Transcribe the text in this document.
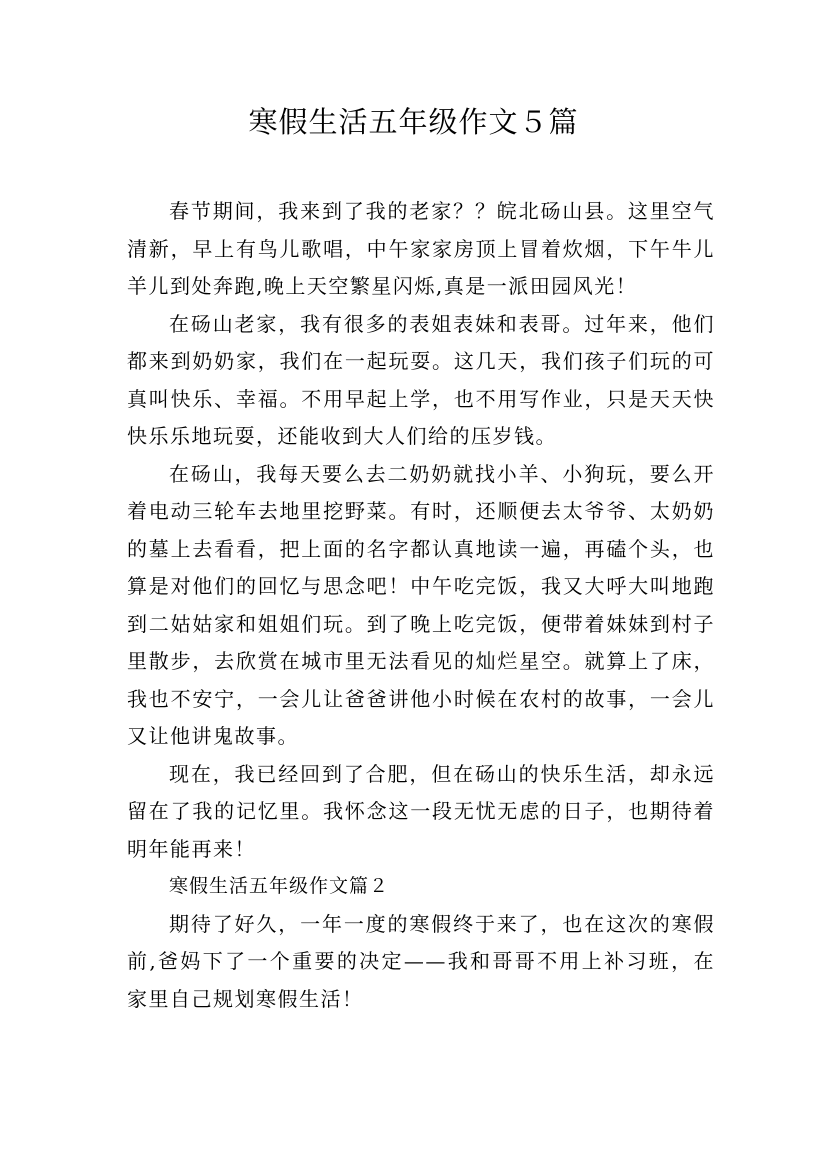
寒假生活五年级作文５篇

春节期间，我来到了我的老家？？皖北砀山县。这里空气清新，早上有鸟儿歌唱，中午家家房顶上冒着炊烟，下午牛儿羊儿到处奔跑,晚上天空繁星闪烁,真是一派田园风光！

在砀山老家，我有很多的表姐表妹和表哥。过年来，他们都来到奶奶家，我们在一起玩耍。这几天，我们孩子们玩的可真叫快乐、幸福。不用早起上学，也不用写作业，只是天天快快乐乐地玩耍，还能收到大人们给的压岁钱。

在砀山，我每天要么去二奶奶就找小羊、小狗玩，要么开着电动三轮车去地里挖野菜。有时，还顺便去太爷爷、太奶奶的墓上去看看，把上面的名字都认真地读一遍，再磕个头，也算是对他们的回忆与思念吧！中午吃完饭，我又大呼大叫地跑到二姑姑家和姐姐们玩。到了晚上吃完饭，便带着妹妹到村子里散步，去欣赏在城市里无法看见的灿烂星空。就算上了床，我也不安宁，一会儿让爸爸讲他小时候在农村的故事，一会儿又让他讲鬼故事。

现在，我已经回到了合肥，但在砀山的快乐生活，却永远留在了我的记忆里。我怀念这一段无忧无虑的日子，也期待着明年能再来！

寒假生活五年级作文篇２

期待了好久，一年一度的寒假终于来了，也在这次的寒假前,爸妈下了一个重要的决定——我和哥哥不用上补习班，在家里自己规划寒假生活！
